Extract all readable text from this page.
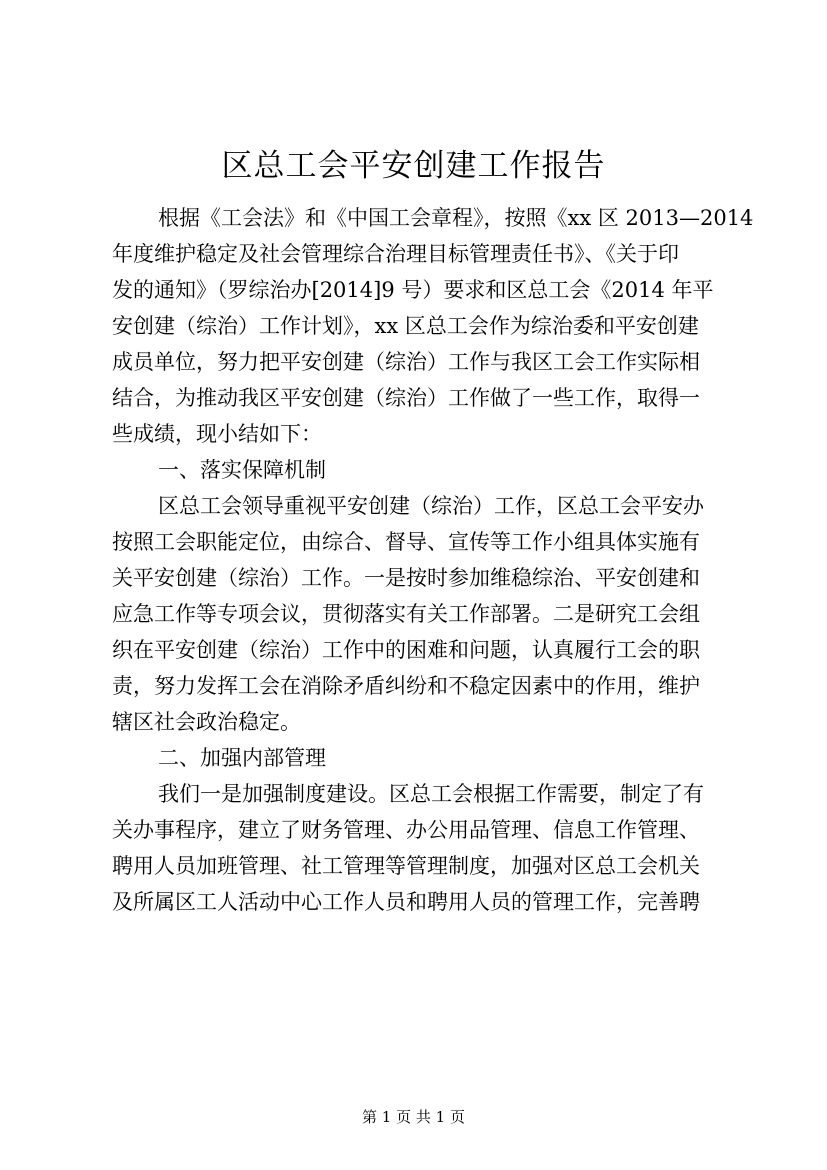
区总工会平安创建工作报告
根据《工会法》和《中国工会章程》，按照《xx 区 2013—2014
年度维护稳定及社会管理综合治理目标管理责任书》、《关于印
发的通知》（罗综治办[2014]9 号）要求和区总工会《2014 年平
安创建（综治）工作计划》，xx 区总工会作为综治委和平安创建
成员单位，努力把平安创建（综治）工作与我区工会工作实际相
结合，为推动我区平安创建（综治）工作做了一些工作，取得一
些成绩，现小结如下：
一、落实保障机制
区总工会领导重视平安创建（综治）工作，区总工会平安办
按照工会职能定位，由综合、督导、宣传等工作小组具体实施有
关平安创建（综治）工作。一是按时参加维稳综治、平安创建和
应急工作等专项会议，贯彻落实有关工作部署。二是研究工会组
织在平安创建（综治）工作中的困难和问题，认真履行工会的职
责，努力发挥工会在消除矛盾纠纷和不稳定因素中的作用，维护
辖区社会政治稳定。
二、加强内部管理
我们一是加强制度建设。区总工会根据工作需要，制定了有
关办事程序，建立了财务管理、办公用品管理、信息工作管理、
聘用人员加班管理、社工管理等管理制度，加强对区总工会机关
及所属区工人活动中心工作人员和聘用人员的管理工作，完善聘
第 1 页 共 1 页
